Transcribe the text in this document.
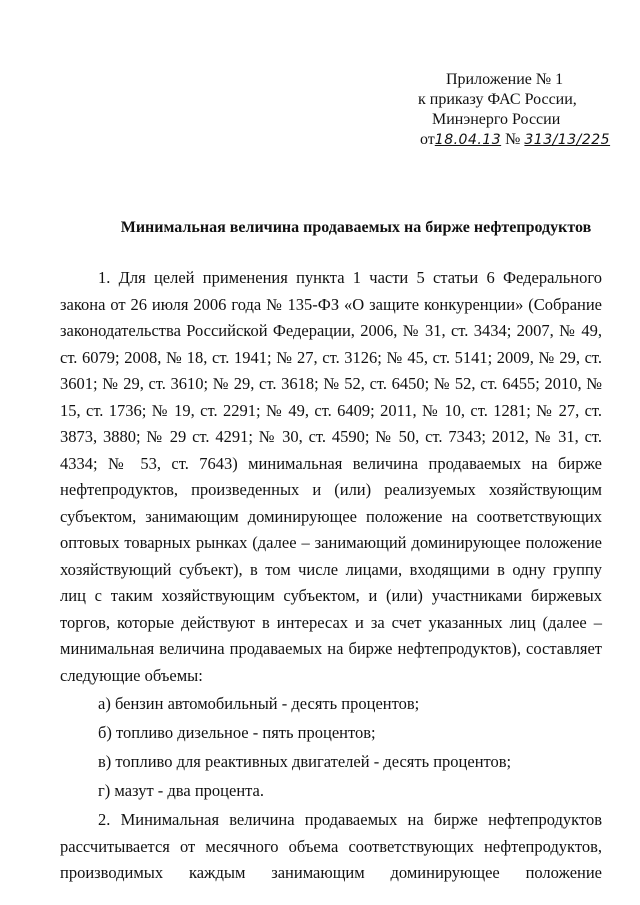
Приложение № 1
к приказу ФАС России,
Минэнерго России
от18.04.13 № 313/13/225
Минимальная величина продаваемых на бирже нефтепродуктов

1. Для целей применения пункта 1 части 5 статьи 6 Федерального закона от 26 июля 2006 года № 135-ФЗ «О защите конкуренции» (Собрание законодательства Российской Федерации, 2006, № 31, ст. 3434; 2007, № 49, ст. 6079; 2008, № 18, ст. 1941; № 27, ст. 3126; № 45, ст. 5141; 2009, № 29, ст. 3601; № 29, ст. 3610; № 29, ст. 3618; № 52, ст. 6450; № 52, ст. 6455; 2010, № 15, ст. 1736; № 19, ст. 2291; № 49, ст. 6409; 2011, № 10, ст. 1281; № 27, ст. 3873, 3880; № 29 ст. 4291; № 30, ст. 4590; № 50, ст. 7343; 2012, № 31, ст. 4334; № 53, ст. 7643) минимальная величина продаваемых на бирже нефтепродуктов, произведенных и (или) реализуемых хозяйствующим субъектом, занимающим доминирующее положение на соответствующих оптовых товарных рынках (далее – занимающий доминирующее положение хозяйствующий субъект), в том числе лицами, входящими в одну группу лиц с таким хозяйствующим субъектом, и (или) участниками биржевых торгов, которые действуют в интересах и за счет указанных лиц (далее – минимальная величина продаваемых на бирже нефтепродуктов), составляет следующие объемы:

а) бензин автомобильный - десять процентов;

б) топливо дизельное - пять процентов;

в) топливо для реактивных двигателей - десять процентов;

г) мазут - два процента.

2. Минимальная величина продаваемых на бирже нефтепродуктов рассчитывается от месячного объема соответствующих нефтепродуктов, производимых каждым занимающим доминирующее положение
